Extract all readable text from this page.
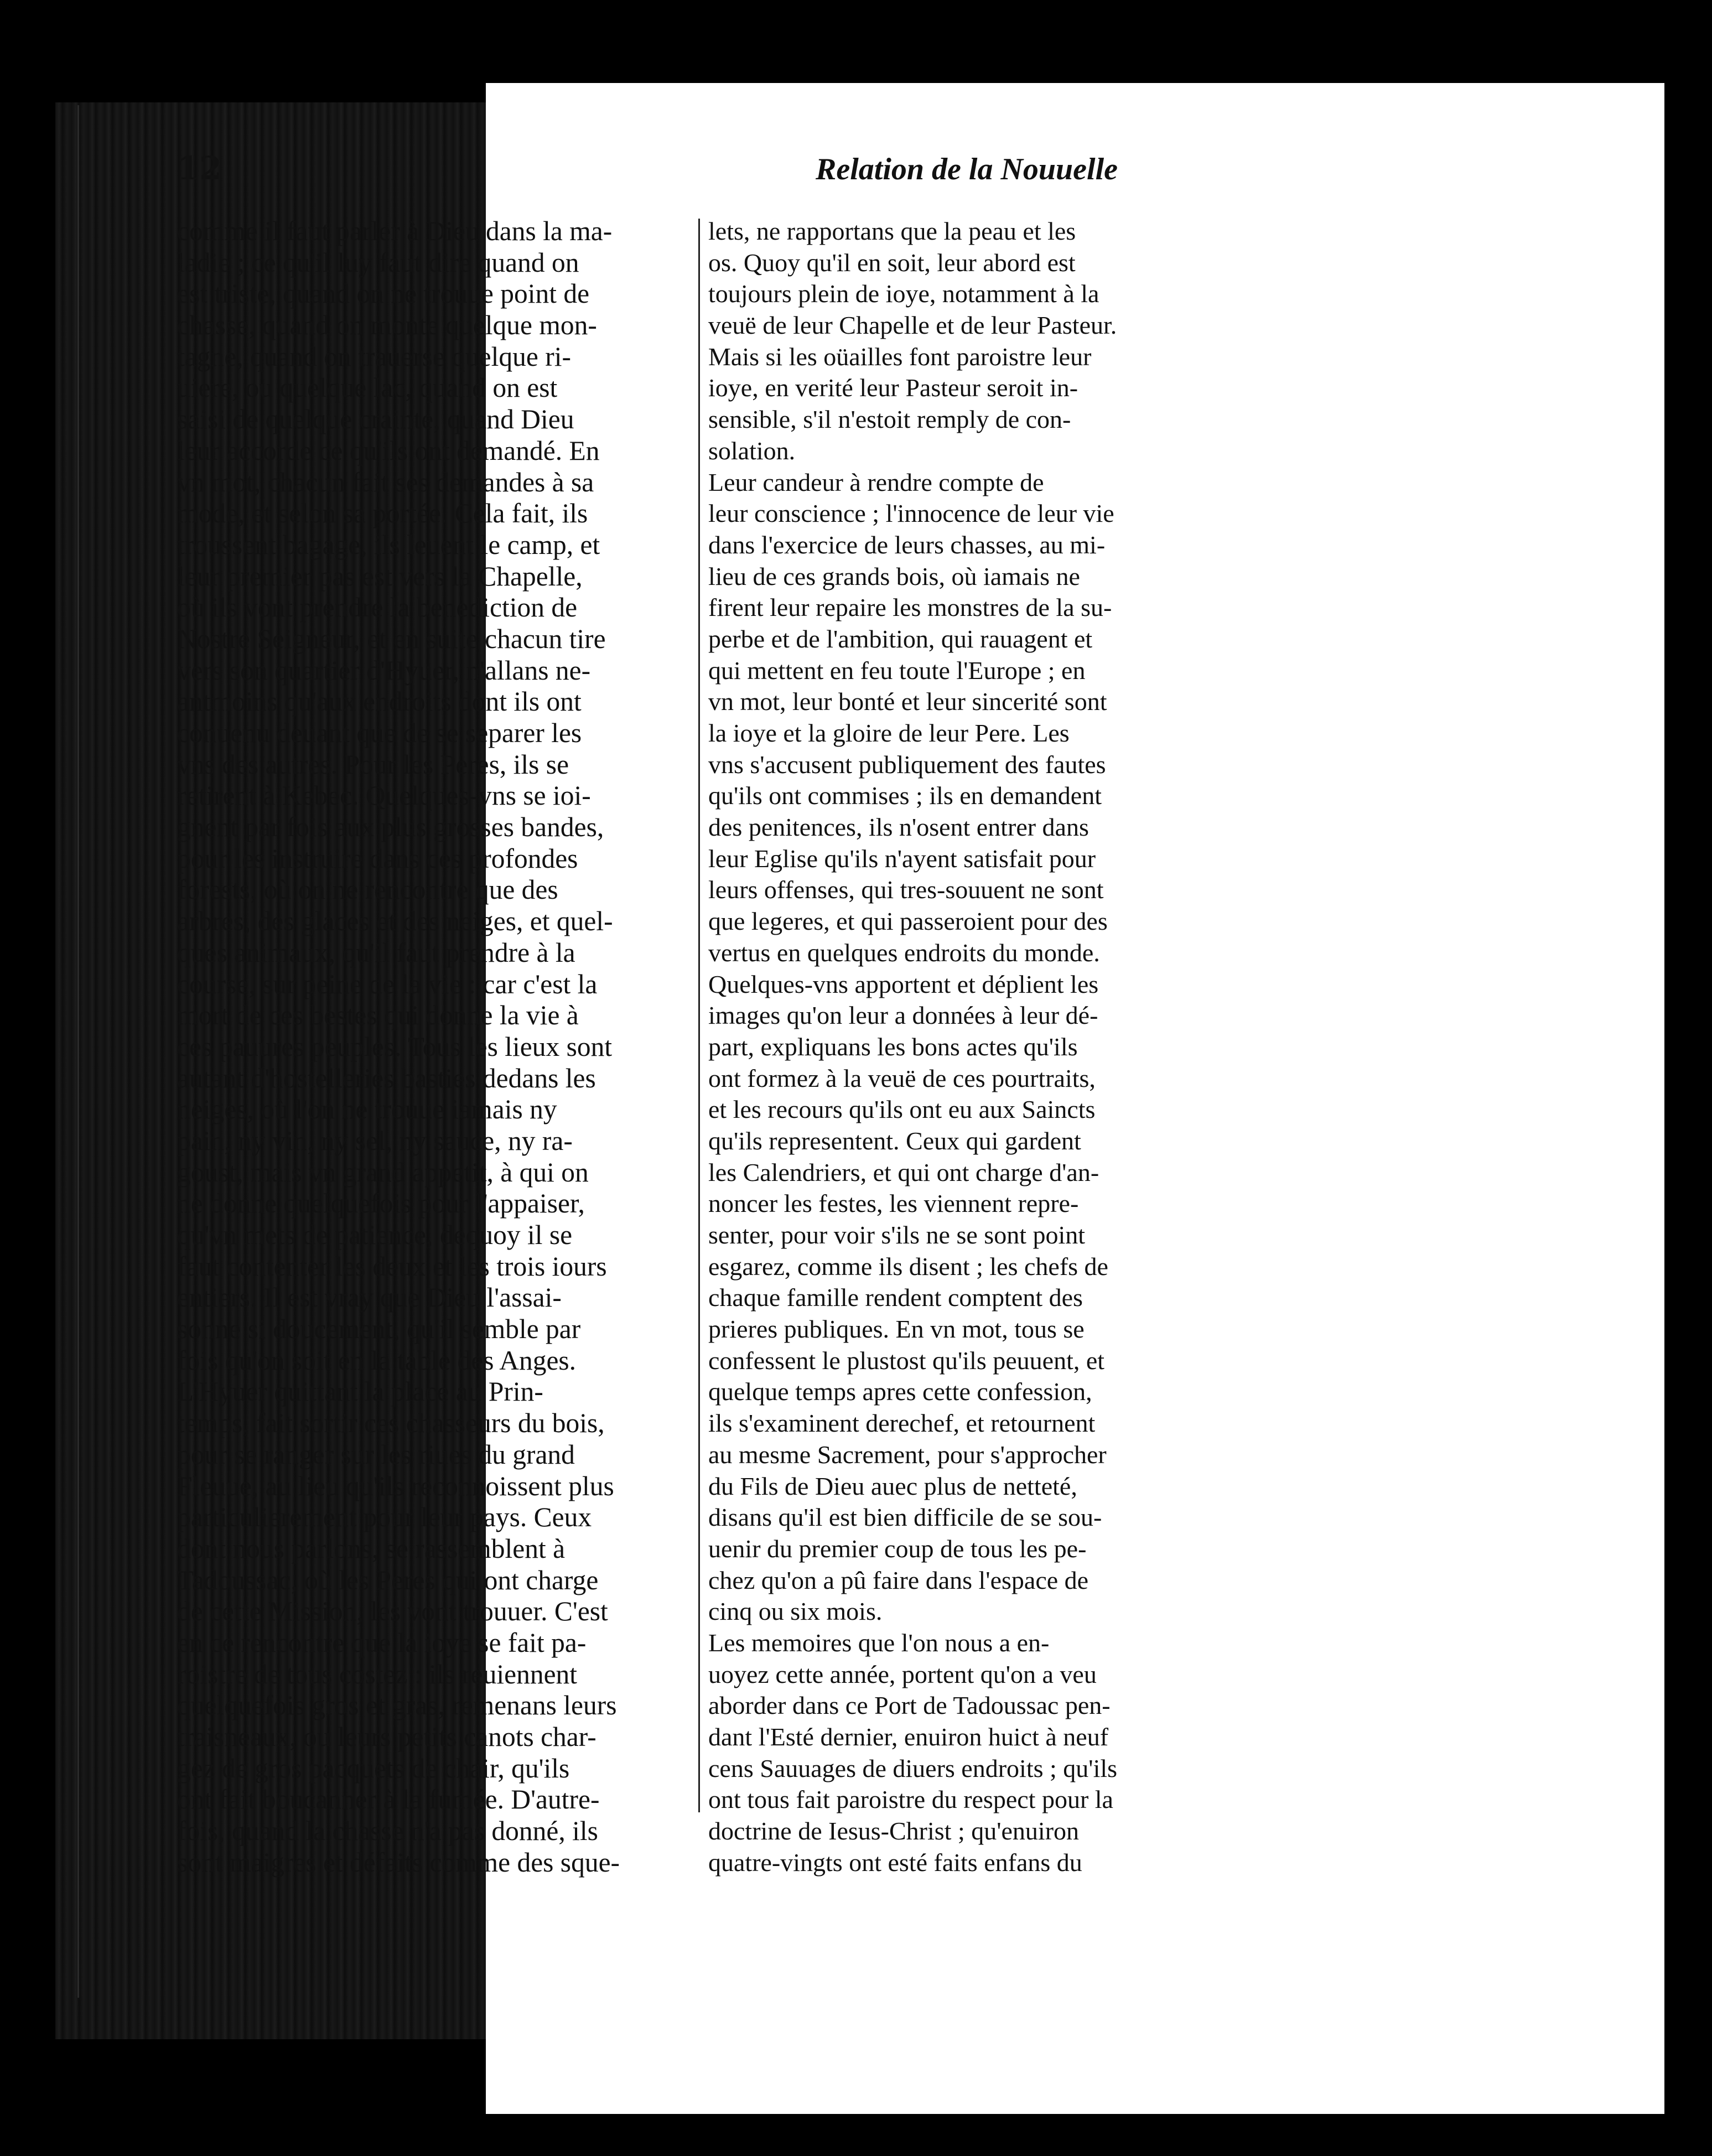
12	Relation de la Nouuelle
comme il faut parler à Dieu dans la ma-
ladie ; ce qu'il luy faut dire quand on
est triste, quand on ne trouue point de
chasse, quand on monte quelque mon-
tagne, quand on trauerse quelque ri-
uiere, ou quelque lac, quand on est
saisi de quelque crainte, quand Dieu
leur accorde ce qu'ils ont demandé. En
vn mot, chacun fait ses demandes à sa
mode, et selon sa portée. Cela fait, ils
troussent bagage, ils leuent le camp, et
leur premier pas est vers la Chapelle,
où ils vont prendre la benediction de
Nostre Seigneur, et en suite chacun tire
vers son quartier d'Hyuer, n'allans ne-
antmoins qu'aux endroits dont ils ont
conuenu deuant que de se separer les
vns des autres. Pour les Peres, ils se
retirent à Kebec. Quelques-vns se ioi-
gnent par fois aux plus grosses bandes,
pour les instruire dans ces profondes
forests, où on ne rencontre que des
arbres, des glaces et des neiges, et quel-
ques animaux, qu'il faut prendre à la
course, sur peine de la vie : car c'est la
mort de ces bestes qui donne la vie à
ces pauures peuples. Tous les lieux sont
autant d'hostelleries basties dedans les
neiges, où l'on ne trouue iamais ny
pain, ny vin, ny sel, ny sauce, ny ra-
goust, mais vn grand appetit, à qui on
ne donne quelquefois pour l'appaiser,
qu'vn mets de patience, dequoy il se
faut contenter les deux et les trois iours
entiers. Il est vray que Dieu l'assai-
sonne si doucement, qu'il semble par
fois qu'on soit en la table des Anges.
L'Hyuer quittant la place au Prin-
temps, fait sortir ces chasseurs du bois,
pour se ranger sur les riues du grand
Fleuue, au lieu qu'ils reconnoissent plus
particulierement pour leur pays. Ceux
dont nous parlons, se rassemblent à
Tadoussac, où les Peres qui ont charge
de cette Mission, les vont trouuer. C'est
en ce rencontre que la ioye se fait pa-
roistre de tous costez : ils reuiennent
quelquefois gros et gras, remenans leurs
traisneaux, ou leurs petits canots char-
gez de gros pacquets de chair, qu'ils
ont fait boucanner à la fumée. D'autre-
fois, quand la chasse n'a pas donné, ils
sont maigres et défaits comme des sque-
lets, ne rapportans que la peau et les
os. Quoy qu'il en soit, leur abord est
toujours plein de ioye, notamment à la
veuë de leur Chapelle et de leur Pasteur.
Mais si les oüailles font paroistre leur
ioye, en verité leur Pasteur seroit in-
sensible, s'il n'estoit remply de con-
solation.
Leur candeur à rendre compte de
leur conscience ; l'innocence de leur vie
dans l'exercice de leurs chasses, au mi-
lieu de ces grands bois, où iamais ne
firent leur repaire les monstres de la su-
perbe et de l'ambition, qui rauagent et
qui mettent en feu toute l'Europe ; en
vn mot, leur bonté et leur sincerité sont
la ioye et la gloire de leur Pere. Les
vns s'accusent publiquement des fautes
qu'ils ont commises ; ils en demandent
des penitences, ils n'osent entrer dans
leur Eglise qu'ils n'ayent satisfait pour
leurs offenses, qui tres-souuent ne sont
que legeres, et qui passeroient pour des
vertus en quelques endroits du monde.
Quelques-vns apportent et déplient les
images qu'on leur a données à leur dé-
part, expliquans les bons actes qu'ils
ont formez à la veuë de ces pourtraits,
et les recours qu'ils ont eu aux Saincts
qu'ils representent. Ceux qui gardent
les Calendriers, et qui ont charge d'an-
noncer les festes, les viennent repre-
senter, pour voir s'ils ne se sont point
esgarez, comme ils disent ; les chefs de
chaque famille rendent comptent des
prieres publiques. En vn mot, tous se
confessent le plustost qu'ils peuuent, et
quelque temps apres cette confession,
ils s'examinent derechef, et retournent
au mesme Sacrement, pour s'approcher
du Fils de Dieu auec plus de netteté,
disans qu'il est bien difficile de se sou-
uenir du premier coup de tous les pe-
chez qu'on a pû faire dans l'espace de
cinq ou six mois.
Les memoires que l'on nous a en-
uoyez cette année, portent qu'on a veu
aborder dans ce Port de Tadoussac pen-
dant l'Esté dernier, enuiron huict à neuf
cens Sauuages de diuers endroits ; qu'ils
ont tous fait paroistre du respect pour la
doctrine de Iesus-Christ ; qu'enuiron
quatre-vingts ont esté faits enfans du
